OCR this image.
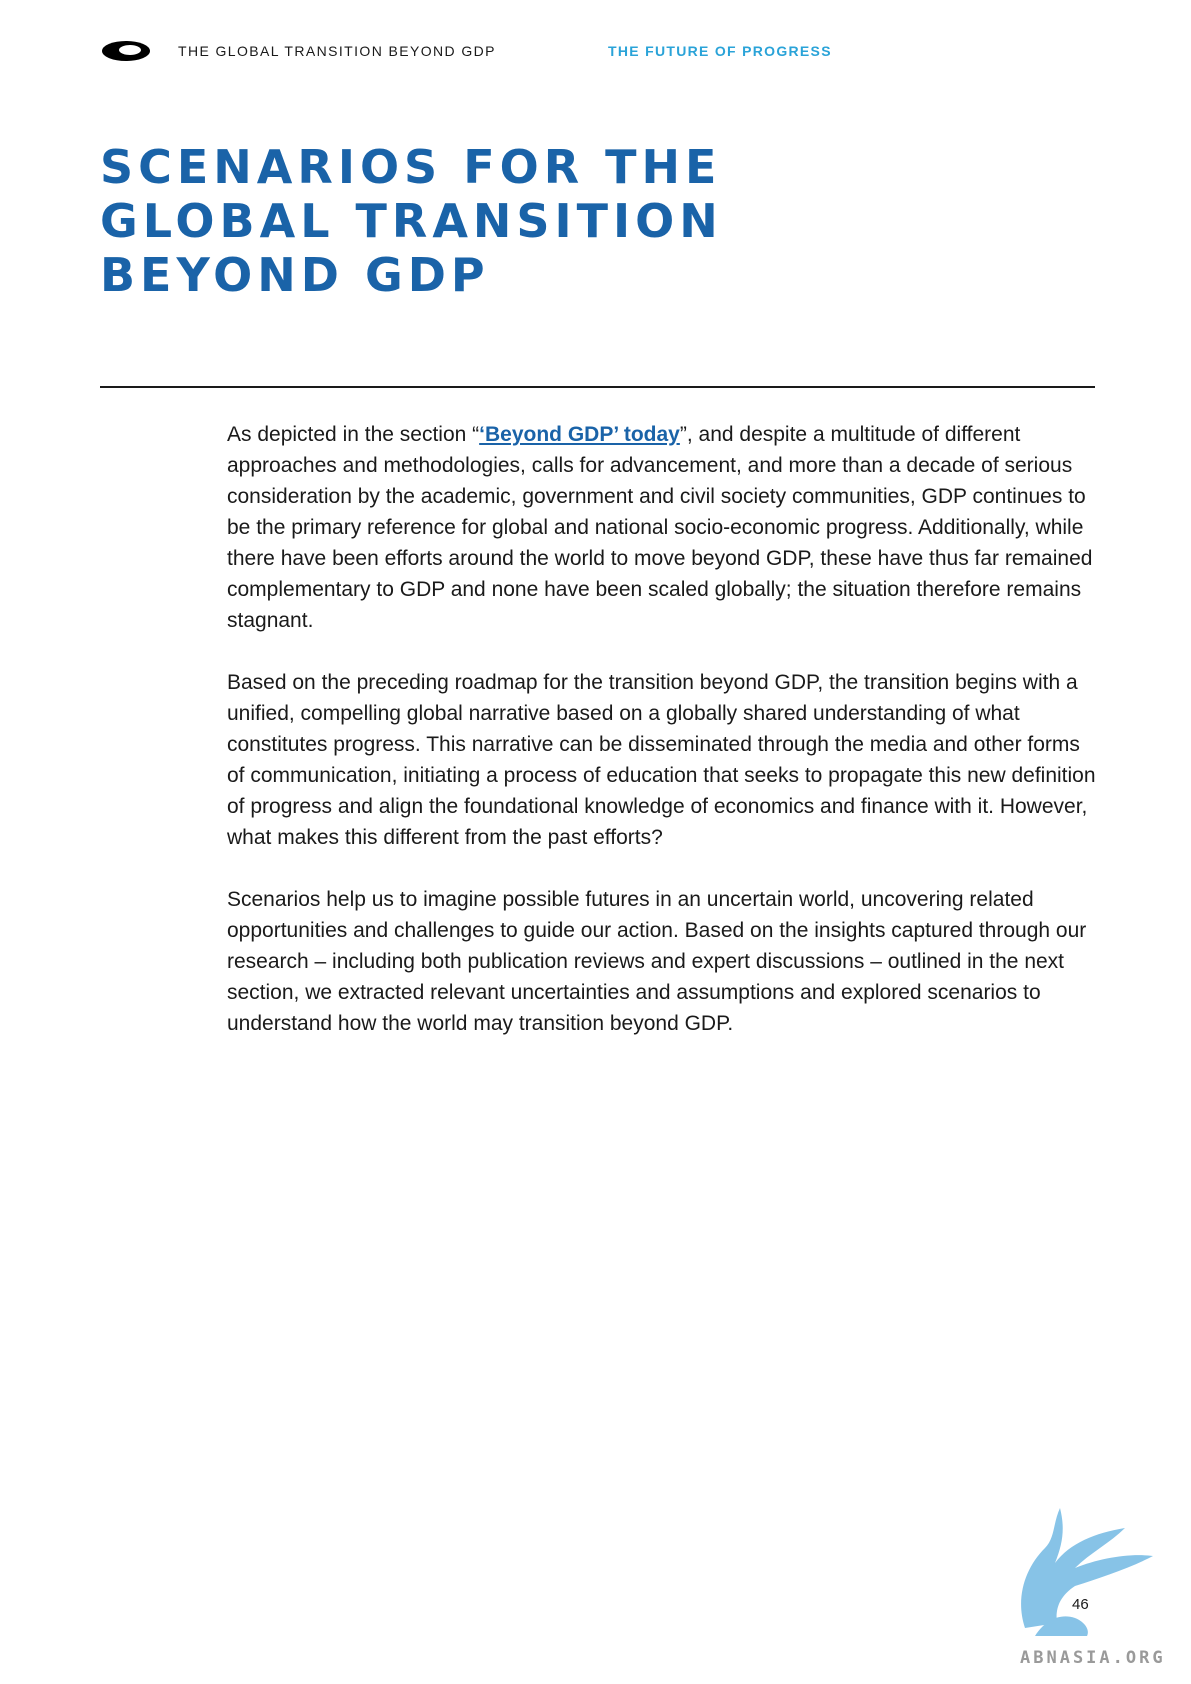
THE GLOBAL TRANSITION BEYOND GDP	THE FUTURE OF PROGRESS
SCENARIOS FOR THE
GLOBAL TRANSITION
BEYOND GDP

As depicted in the section “‘Beyond GDP’ today”, and despite a multitude of different approaches and methodologies, calls for advancement, and more than a decade of serious consideration by the academic, government and civil society communities, GDP continues to be the primary reference for global and national socio-economic progress. Additionally, while there have been efforts around the world to move beyond GDP, these have thus far remained complementary to GDP and none have been scaled globally; the situation therefore remains stagnant.

Based on the preceding roadmap for the transition beyond GDP, the transition begins with a unified, compelling global narrative based on a globally shared understanding of what constitutes progress. This narrative can be disseminated through the media and other forms of communication, initiating a process of education that seeks to propagate this new definition of progress and align the foundational knowledge of economics and finance with it. However, what makes this different from the past efforts?

Scenarios help us to imagine possible futures in an uncertain world, uncovering related opportunities and challenges to guide our action. Based on the insights captured through our research – including both publication reviews and expert discussions – outlined in the next section, we extracted relevant uncertainties and assumptions and explored scenarios to understand how the world may transition beyond GDP.

46
ABNASIA.ORG
